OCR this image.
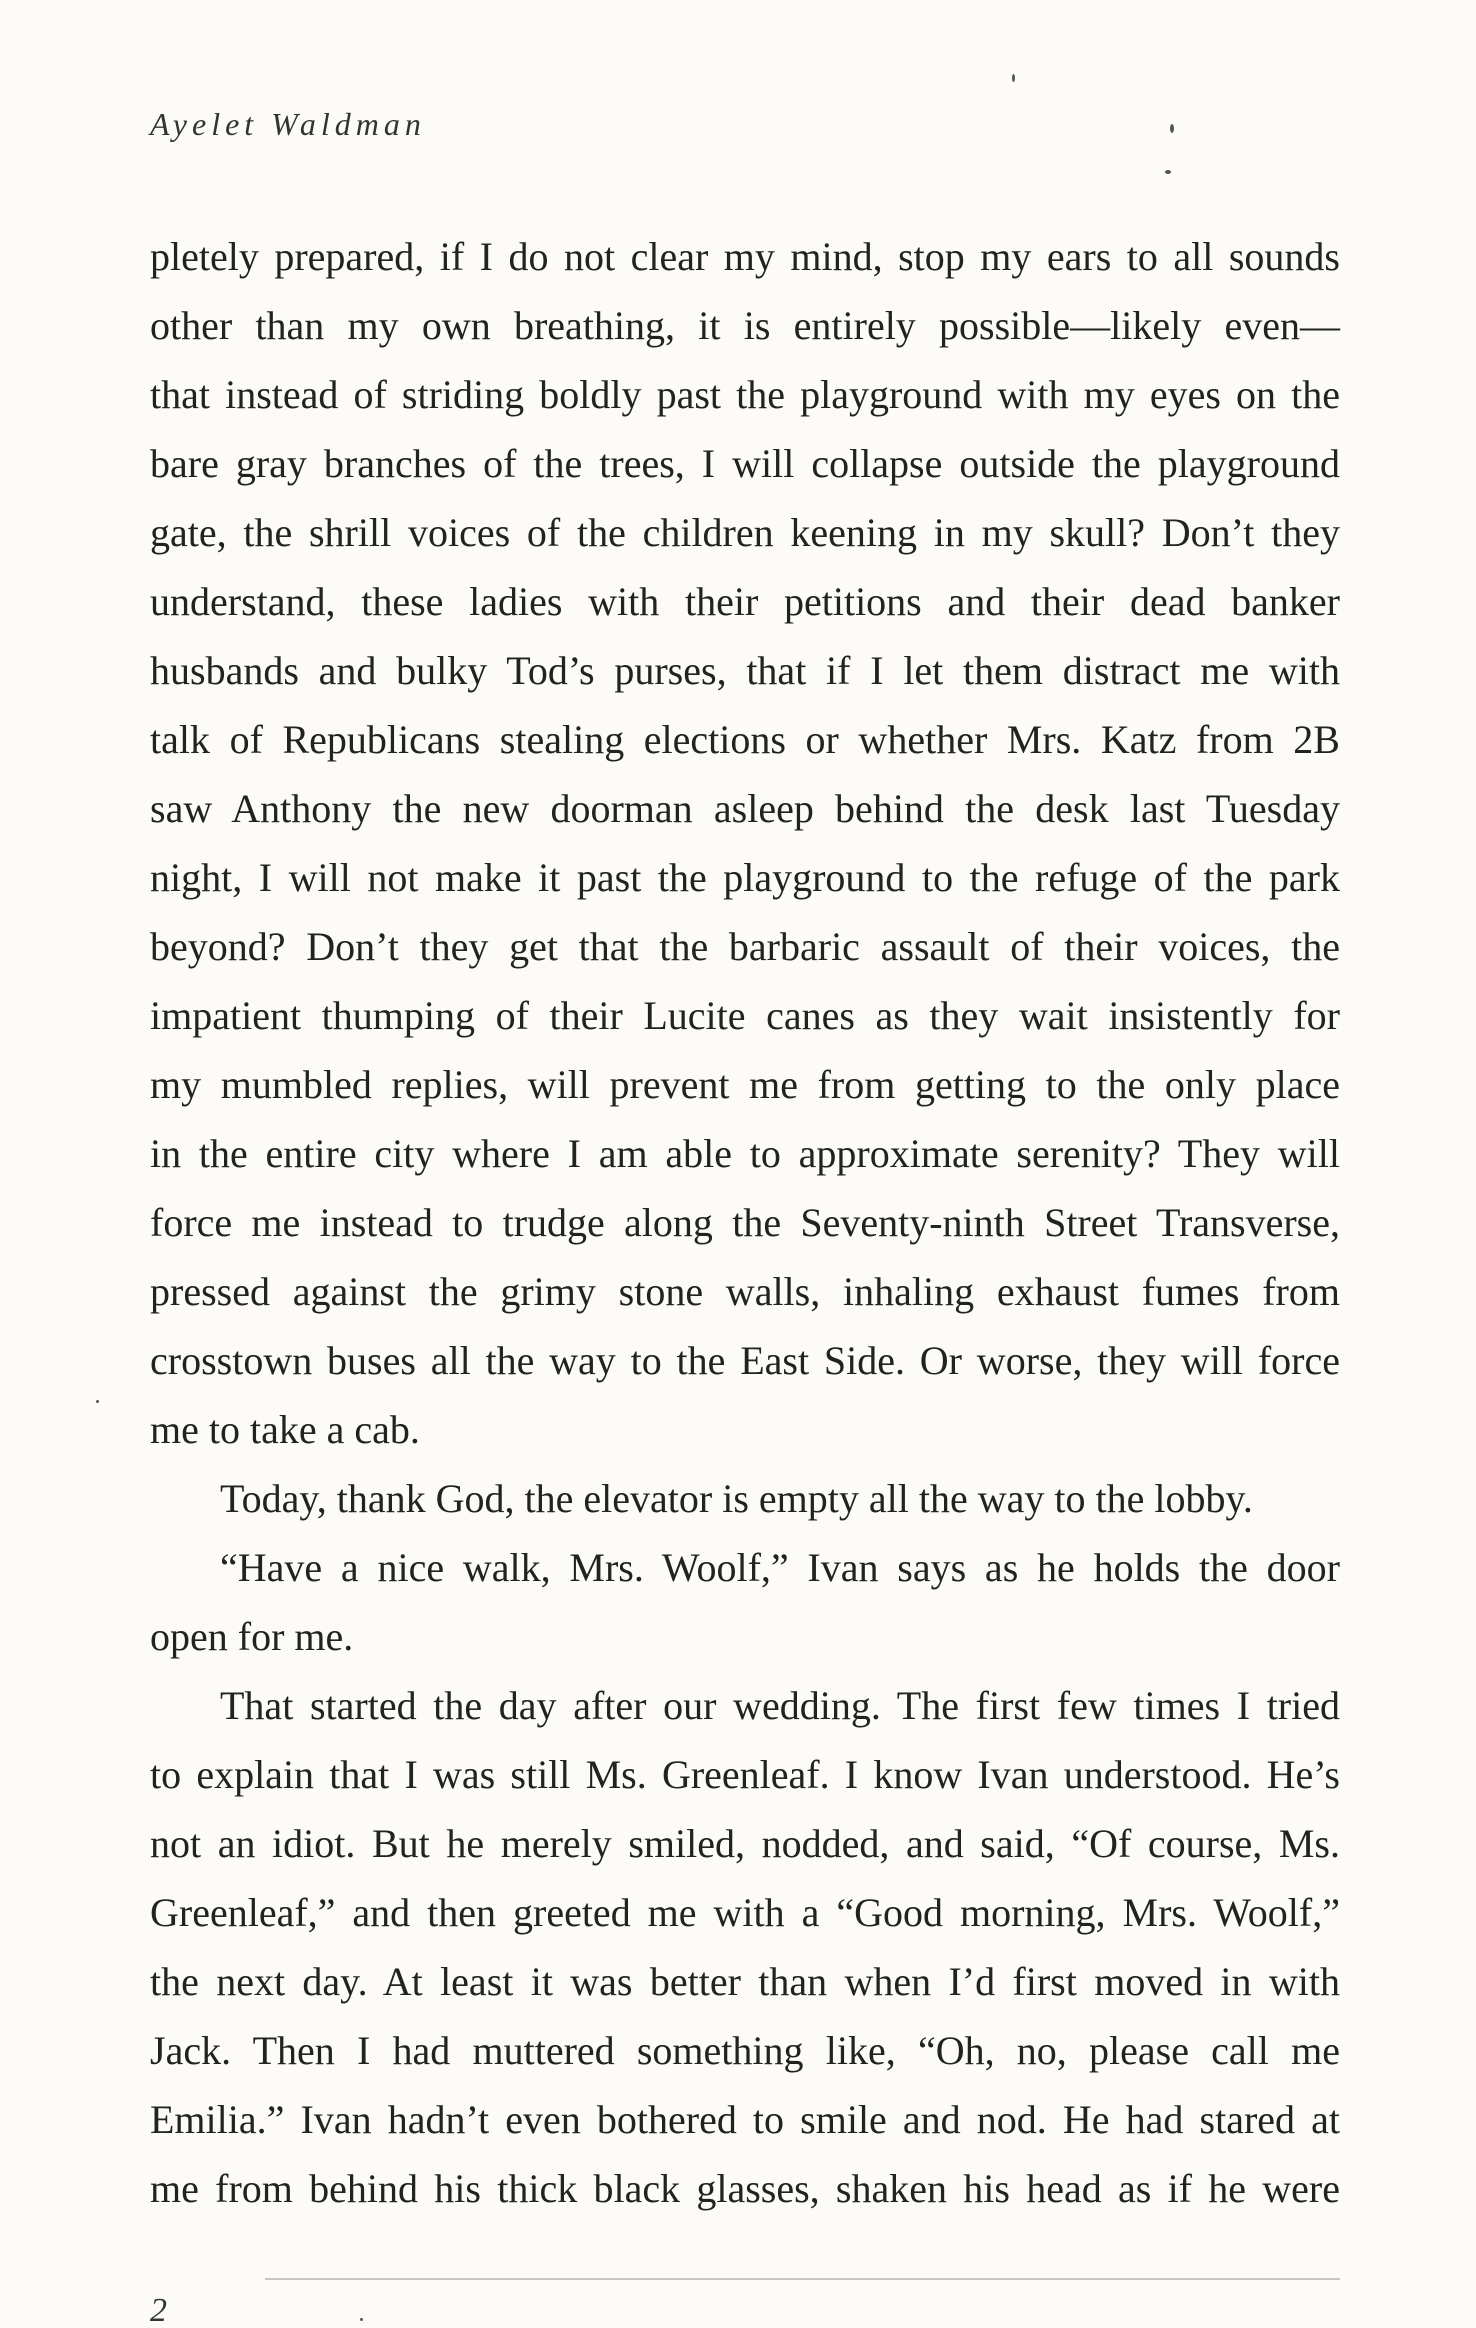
Ayelet Waldman

pletely prepared, if I do not clear my mind, stop my ears to all sounds
other than my own breathing, it is entirely possible—likely even—
that instead of striding boldly past the playground with my eyes on the
bare gray branches of the trees, I will collapse outside the playground
gate, the shrill voices of the children keening in my skull? Don’t they
understand, these ladies with their petitions and their dead banker
husbands and bulky Tod’s purses, that if I let them distract me with
talk of Republicans stealing elections or whether Mrs. Katz from 2B
saw Anthony the new doorman asleep behind the desk last Tuesday
night, I will not make it past the playground to the refuge of the park
beyond? Don’t they get that the barbaric assault of their voices, the
impatient thumping of their Lucite canes as they wait insistently for
my mumbled replies, will prevent me from getting to the only place
in the entire city where I am able to approximate serenity? They will
force me instead to trudge along the Seventy-ninth Street Transverse,
pressed against the grimy stone walls, inhaling exhaust fumes from
crosstown buses all the way to the East Side. Or worse, they will force
me to take a cab.
Today, thank God, the elevator is empty all the way to the lobby.
“Have a nice walk, Mrs. Woolf,” Ivan says as he holds the door
open for me.
That started the day after our wedding. The first few times I tried
to explain that I was still Ms. Greenleaf. I know Ivan understood. He’s
not an idiot. But he merely smiled, nodded, and said, “Of course, Ms.
Greenleaf,” and then greeted me with a “Good morning, Mrs. Woolf,”
the next day. At least it was better than when I’d first moved in with
Jack. Then I had muttered something like, “Oh, no, please call me
Emilia.” Ivan hadn’t even bothered to smile and nod. He had stared at
me from behind his thick black glasses, shaken his head as if he were

2
